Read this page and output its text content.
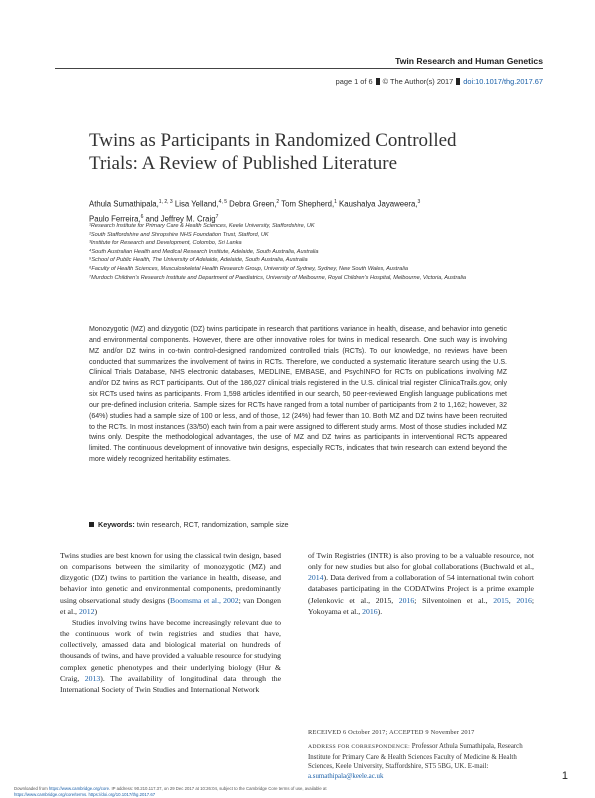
Twin Research and Human Genetics
page 1 of 6 © The Author(s) 2017 doi:10.1017/thg.2017.67
Twins as Participants in Randomized Controlled Trials: A Review of Published Literature
Athula Sumathipala,$^{1, 2, 3}$ Lisa Yelland,$^{4, 5}$ Debra Green,$^2$ Tom Shepherd,$^1$ Kaushalya Jayaweera,$^3$
Paulo Ferreira,$^6$ and Jeffrey M. Craig$^7$
¹Research Institute for Primary Care & Health Sciences, Keele University, Staffordshire, UK
²South Staffordshire and Shropshire NHS Foundation Trust, Stafford, UK
³Institute for Research and Development, Colombo, Sri Lanka
⁴South Australian Health and Medical Research Institute, Adelaide, South Australia, Australia
⁵School of Public Health, The University of Adelaide, Adelaide, South Australia, Australia
⁶Faculty of Health Sciences, Musculoskeletal Health Research Group, University of Sydney, Sydney, New South Wales, Australia
⁷Murdoch Children's Research Institute and Department of Paediatrics, University of Melbourne, Royal Children's Hospital, Melbourne, Victoria, Australia
Monozygotic (MZ) and dizygotic (DZ) twins participate in research that partitions variance in health, disease, and behavior into genetic and environmental components. However, there are other innovative roles for twins in medical research. One such way is involving MZ and/or DZ twins in co-twin control-designed randomized controlled trials (RCTs). To our knowledge, no reviews have been conducted that summarizes the involvement of twins in RCTs. Therefore, we conducted a systematic literature search using the U.S. Clinical Trials Database, NHS electronic databases, MEDLINE, EMBASE, and PsychINFO for RCTs on publications involving MZ and/or DZ twins as RCT participants. Out of the 186,027 clinical trials registered in the U.S. clinical trial register ClinicaTrails.gov, only six RCTs used twins as participants. From 1,598 articles identified in our search, 50 peer-reviewed English language publications met our pre-defined inclusion criteria. Sample sizes for RCTs have ranged from a total number of participants from 2 to 1,162; however, 32 (64%) studies had a sample size of 100 or less, and of those, 12 (24%) had fewer than 10. Both MZ and DZ twins have been recruited to the RCTs. In most instances (33/50) each twin from a pair were assigned to different study arms. Most of those studies included MZ twins only. Despite the methodological advantages, the use of MZ and DZ twins as participants in interventional RCTs appeared limited. The continuous development of innovative twin designs, especially RCTs, indicates that twin research can extend beyond the more widely recognized heritability estimates.
Keywords: twin research, RCT, randomization, sample size

Twins studies are best known for using the classical twin design, based on comparisons between the similarity of monozygotic (MZ) and dizygotic (DZ) twins to partition the variance in health, disease, and behavior into genetic and environmental components, predominantly using observational study designs (Boomsma et al., 2002; van Dongen et al., 2012)

Studies involving twins have become increasingly relevant due to the continuous work of twin registries and studies that have, collectively, amassed data and biological material on hundreds of thousands of twins, and have provided a valuable resource for studying complex genetic phenotypes and their underlying biology (Hur & Craig, 2013). The availability of longitudinal data through the International Society of Twin Studies and International Network

of Twin Registries (INTR) is also proving to be a valuable resource, not only for new studies but also for global collaborations (Buchwald et al., 2014). Data derived from a collaboration of 54 international twin cohort databases participating in the CODATwins Project is a prime example (Jelenkovic et al., 2015, 2016; Silventoinen et al., 2015, 2016; Yokoyama et al., 2016).

RECEIVED 6 October 2017; ACCEPTED 9 November 2017
ADDRESS FOR CORRESPONDENCE: Professor Athula Sumathipala, Research Institute for Primary Care & Health Sciences Faculty of Medicine & Health Sciences, Keele University, Staffordshire, ST5 5BG, UK. E-mail: a.sumathipala@keele.ac.uk	1
Downloaded from https://www.cambridge.org/core. IP address: 90.210.117.37, on 29 Dec 2017 at 10:26:04, subject to the Cambridge Core terms of use, available at
https://www.cambridge.org/core/terms. https://doi.org/10.1017/thg.2017.67
